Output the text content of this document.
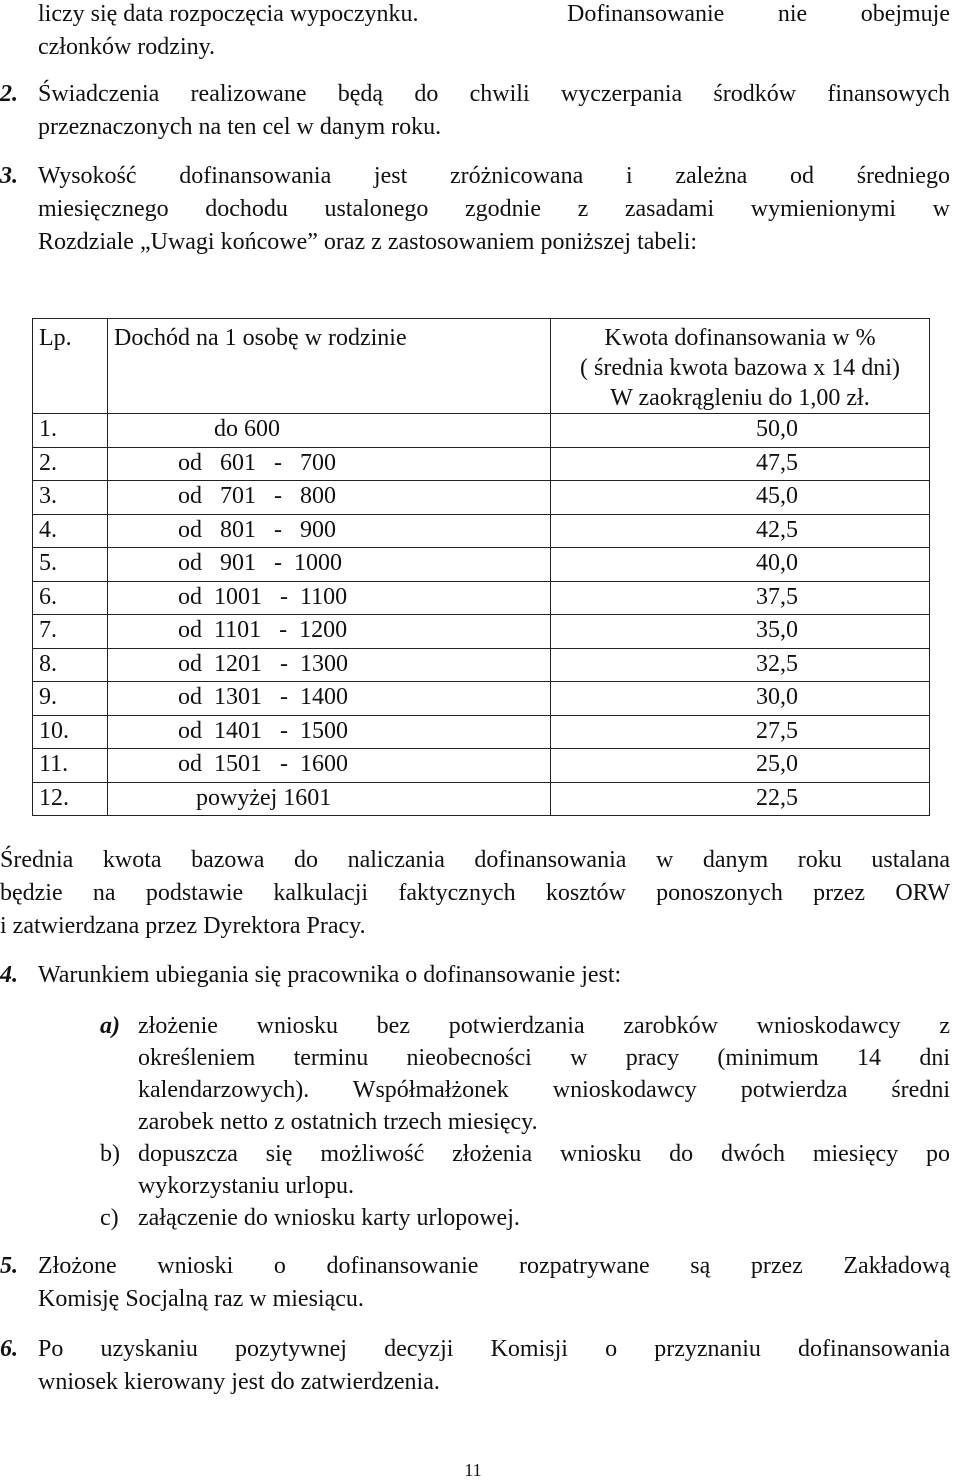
liczy się data rozpoczęcia wypoczynku.	Dofinansowanie nie obejmuje
członków rodziny.
2. Świadczenia realizowane będą do chwili wyczerpania środków finansowych
przeznaczonych na ten cel w danym roku.
3. Wysokość dofinansowania jest zróżnicowana i zależna od średniego
miesięcznego dochodu ustalonego zgodnie z zasadami wymienionymi w
Rozdziale „Uwagi końcowe” oraz z zastosowaniem poniższej tabeli:
Lp.	Dochód na 1 osobę w rodzinie	Kwota dofinansowania w %
( średnia kwota bazowa x 14 dni)
W zaokrągleniu do 1,00 zł.

1.	do 600	50,0
2.	od   601   -   700	47,5
3.	od   701   -   800	45,0
4.	od   801   -   900	42,5
5.	od   901   -  1000	40,0
6.	od  1001   -  1100	37,5
7.	od  1101   -  1200	35,0
8.	od  1201   -  1300	32,5
9.	od  1301   -  1400	30,0
10.	od  1401   -  1500	27,5
11.	od  1501   -  1600	25,0
12.	powyżej 1601	22,5
Średnia kwota bazowa do naliczania dofinansowania w danym roku ustalana
będzie na podstawie kalkulacji faktycznych kosztów ponoszonych przez ORW
i zatwierdzana przez Dyrektora Pracy.
4. Warunkiem ubiegania się pracownika o dofinansowanie jest:
a) złożenie wniosku bez potwierdzania zarobków wnioskodawcy z
określeniem terminu nieobecności w pracy (minimum 14 dni
kalendarzowych). Współmałżonek wnioskodawcy potwierdza średni
zarobek netto z ostatnich trzech miesięcy.
b) dopuszcza się możliwość złożenia wniosku do dwóch miesięcy po
wykorzystaniu urlopu.
c) załączenie do wniosku karty urlopowej.
5. Złożone wnioski o dofinansowanie rozpatrywane są przez Zakładową
Komisję Socjalną raz w miesiącu.
6. Po uzyskaniu pozytywnej decyzji Komisji o przyznaniu dofinansowania
wniosek kierowany jest do zatwierdzenia.
11
